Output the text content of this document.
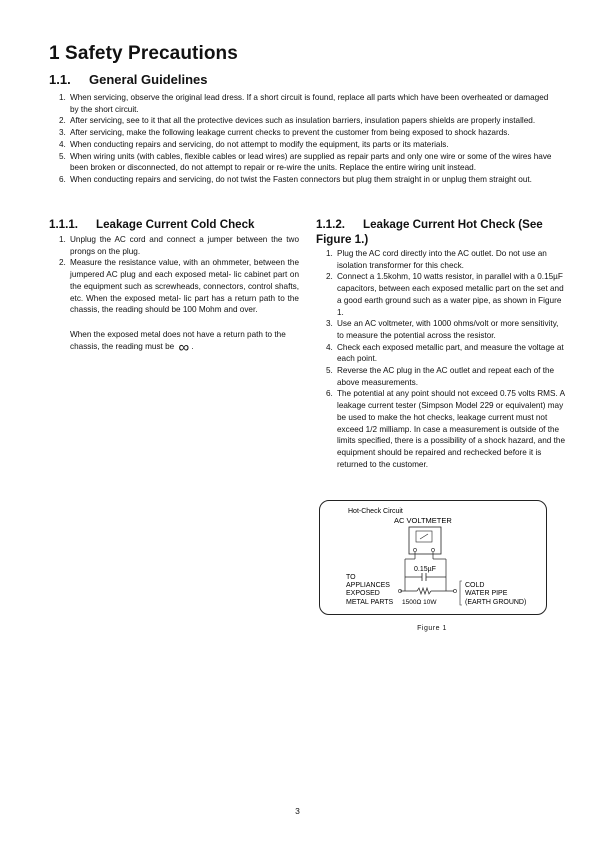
1 Safety Precautions
1.1. General Guidelines
1. When servicing, observe the original lead dress. If a short circuit is found, replace all parts which have been overheated or damaged by the short circuit.
2. After servicing, see to it that all the protective devices such as insulation barriers, insulation papers shields are properly installed.
3. After servicing, make the following leakage current checks to prevent the customer from being exposed to shock hazards.
4. When conducting repairs and servicing, do not attempt to modify the equipment, its parts or its materials.
5. When wiring units (with cables, flexible cables or lead wires) are supplied as repair parts and only one wire or some of the wires have been broken or disconnected, do not attempt to repair or re-wire the units. Replace the entire wiring unit instead.
6. When conducting repairs and servicing, do not twist the Fasten connectors but plug them straight in or unplug them straight out.
1.1.1. Leakage Current Cold Check
1. Unplug the AC cord and connect a jumper between the two prongs on the plug.
2. Measure the resistance value, with an ohmmeter, between the jumpered AC plug and each exposed metal- lic cabinet part on the equipment such as screwheads, connectors, control shafts, etc. When the exposed metal- lic part has a return path to the chassis, the reading should be 100 Mohm and over.
When the exposed metal does not have a return path to the chassis, the reading must be ∞ .
1.1.2. Leakage Current Hot Check (See Figure 1.)
1. Plug the AC cord directly into the AC outlet. Do not use an isolation transformer for this check.
2. Connect a 1.5kohm, 10 watts resistor, in parallel with a 0.15µF capacitors, between each exposed metallic part on the set and a good earth ground such as a water pipe, as shown in Figure 1.
3. Use an AC voltmeter, with 1000 ohms/volt or more sensitivity, to measure the potential across the resistor.
4. Check each exposed metallic part, and measure the voltage at each point.
5. Reverse the AC plug in the AC outlet and repeat each of the above measurements.
6. The potential at any point should not exceed 0.75 volts RMS. A leakage current tester (Simpson Model 229 or equivalent) may be used to make the hot checks, leakage current must not exceed 1/2 milliamp. In case a measurement is outside of the limits specified, there is a possibility of a shock hazard, and the equipment should be repaired and rechecked before it is returned to the customer.
Hot-Check Circuit
AC VOLTMETER
0.15µF
TO
APPLIANCES
EXPOSED
METAL PARTS 1500Ω 10W
COLD
WATER PIPE
(EARTH GROUND)
Figure 1
3
